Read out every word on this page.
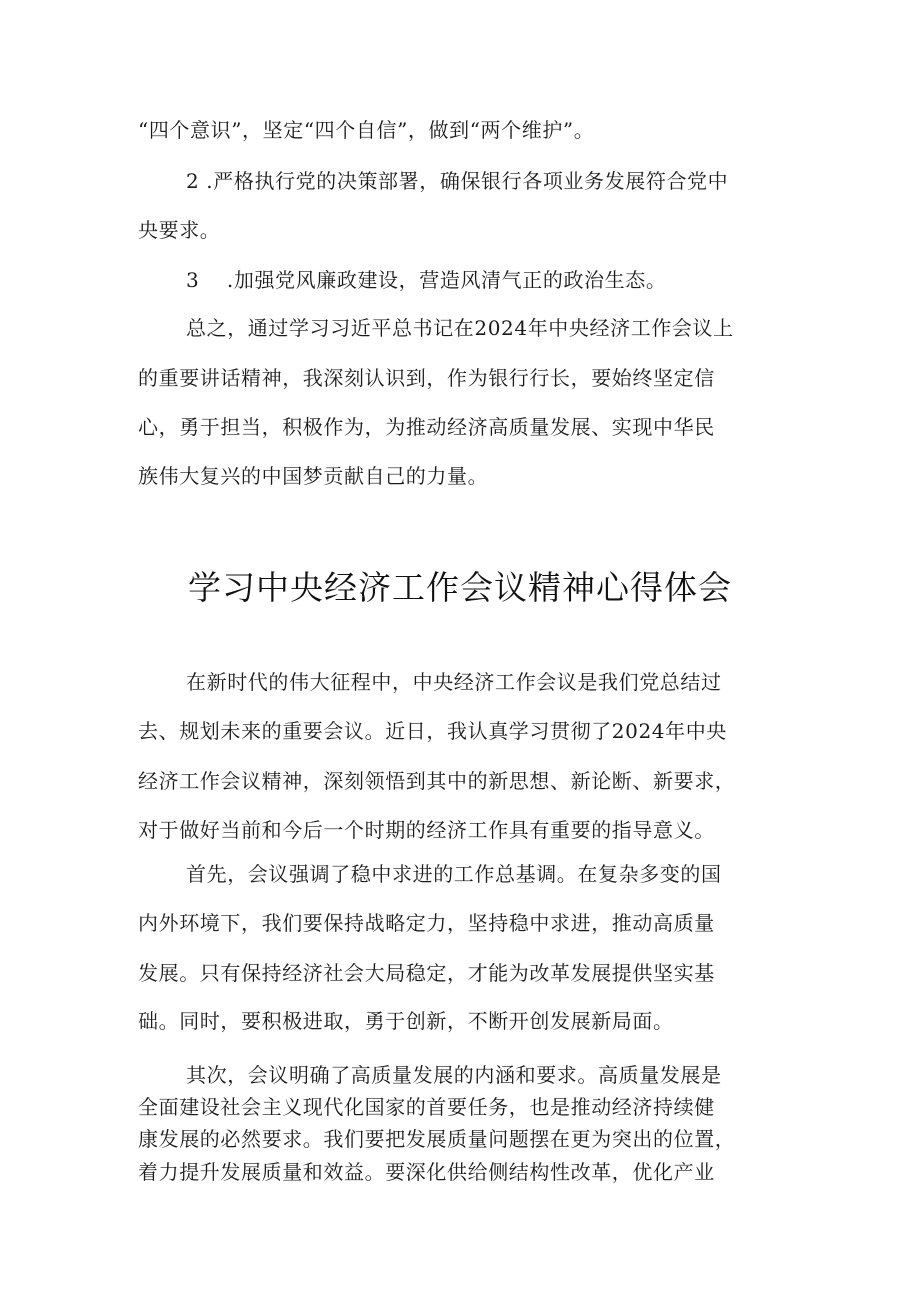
“四个意识”，坚定“四个自信”，做到“两个维护”。
2 .严格执行党的决策部署，确保银行各项业务发展符合党中
央要求。
3　 .加强党风廉政建设，营造风清气正的政治生态。
总之，通过学习习近平总书记在2024年中央经济工作会议上
的重要讲话精神，我深刻认识到，作为银行行长，要始终坚定信
心，勇于担当，积极作为，为推动经济高质量发展、实现中华民
族伟大复兴的中国梦贡献自己的力量。
学习中央经济工作会议精神心得体会
在新时代的伟大征程中，中央经济工作会议是我们党总结过
去、规划未来的重要会议。近日，我认真学习贯彻了2024年中央
经济工作会议精神，深刻领悟到其中的新思想、新论断、新要求，
对于做好当前和今后一个时期的经济工作具有重要的指导意义。
首先，会议强调了稳中求进的工作总基调。在复杂多变的国
内外环境下，我们要保持战略定力，坚持稳中求进，推动高质量
发展。只有保持经济社会大局稳定，才能为改革发展提供坚实基
础。同时，要积极进取，勇于创新，不断开创发展新局面。
其次，会议明确了高质量发展的内涵和要求。高质量发展是
全面建设社会主义现代化国家的首要任务，也是推动经济持续健
康发展的必然要求。我们要把发展质量问题摆在更为突出的位置，
着力提升发展质量和效益。要深化供给侧结构性改革，优化产业
